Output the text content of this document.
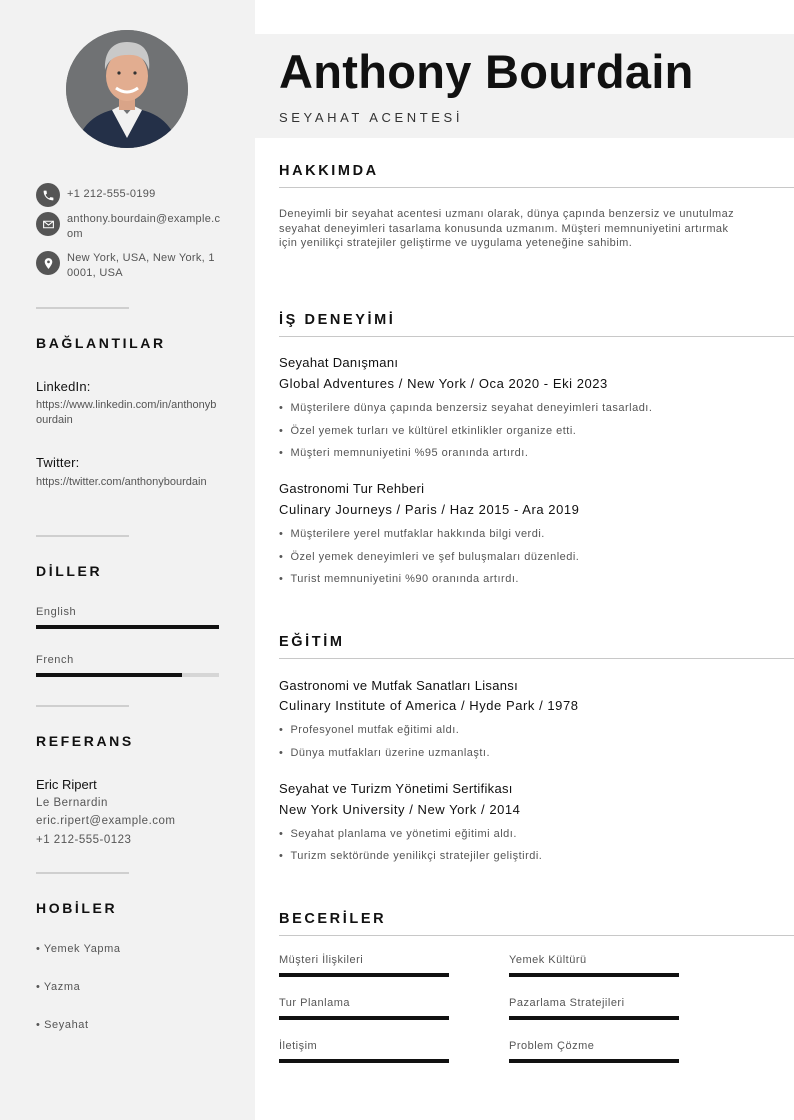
+1 212-555-0199
anthony.bourdain@example.com
New York, USA, New York, 10001, USA
BAĞLANTILAR
LinkedIn:
https://www.linkedin.com/in/anthonybourdain
Twitter:
https://twitter.com/anthonybourdain
DİLLER
English
French
REFERANS
Eric Ripert
Le Bernardin
eric.ripert@example.com
+1 212-555-0123
HOBİLER
• Yemek Yapma
• Yazma
• Seyahat
Anthony Bourdain
SEYAHAT ACENTESİ
HAKKIMDA
Deneyimli bir seyahat acentesi uzmanı olarak, dünya çapında benzersiz ve unutulmaz seyahat deneyimleri tasarlama konusunda uzmanım. Müşteri memnuniyetini artırmak için yenilikçi stratejiler geliştirme ve uygulama yeteneğine sahibim.
İŞ DENEYİMİ
Seyahat Danışmanı
Global Adventures / New York / Oca 2020 - Eki 2023
•  Müşterilere dünya çapında benzersiz seyahat deneyimleri tasarladı.
•  Özel yemek turları ve kültürel etkinlikler organize etti.
•  Müşteri memnuniyetini %95 oranında artırdı.
Gastronomi Tur Rehberi
Culinary Journeys / Paris / Haz 2015 - Ara 2019
•  Müşterilere yerel mutfaklar hakkında bilgi verdi.
•  Özel yemek deneyimleri ve şef buluşmaları düzenledi.
•  Turist memnuniyetini %90 oranında artırdı.
EĞİTİM
Gastronomi ve Mutfak Sanatları Lisansı
Culinary Institute of America / Hyde Park / 1978
•  Profesyonel mutfak eğitimi aldı.
•  Dünya mutfakları üzerine uzmanlaştı.
Seyahat ve Turizm Yönetimi Sertifikası
New York University / New York / 2014
•  Seyahat planlama ve yönetimi eğitimi aldı.
•  Turizm sektöründe yenilikçi stratejiler geliştirdi.
BECERİLER
Müşteri İlişkileri	Yemek Kültürü
Tur Planlama	Pazarlama Stratejileri
İletişim	Problem Çözme
